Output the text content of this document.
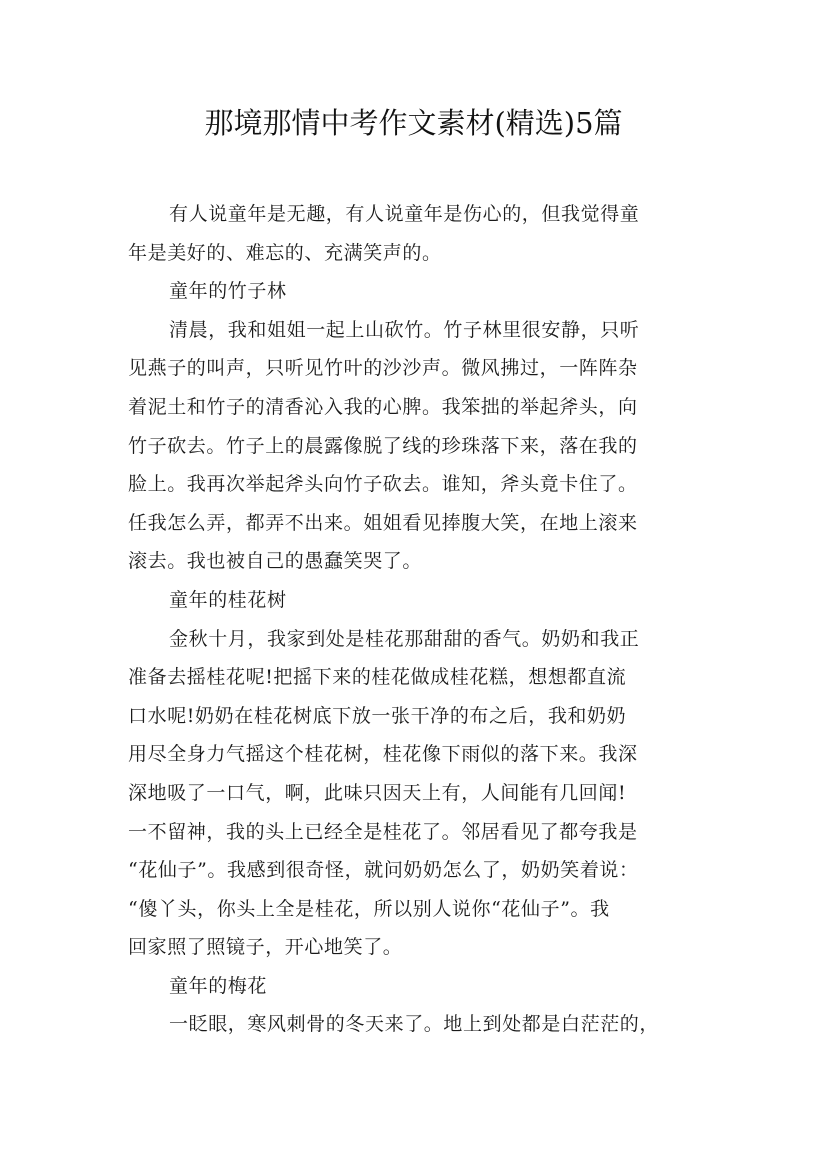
那境那情中考作文素材(精选)5篇
有人说童年是无趣，有人说童年是伤心的，但我觉得童
年是美好的、难忘的、充满笑声的。
童年的竹子林
清晨，我和姐姐一起上山砍竹。竹子林里很安静，只听
见燕子的叫声，只听见竹叶的沙沙声。微风拂过，一阵阵杂
着泥土和竹子的清香沁入我的心脾。我笨拙的举起斧头，向
竹子砍去。竹子上的晨露像脱了线的珍珠落下来，落在我的
脸上。我再次举起斧头向竹子砍去。谁知，斧头竟卡住了。
任我怎么弄，都弄不出来。姐姐看见捧腹大笑，在地上滚来
滚去。我也被自己的愚蠢笑哭了。
童年的桂花树
金秋十月，我家到处是桂花那甜甜的香气。奶奶和我正
准备去摇桂花呢!把摇下来的桂花做成桂花糕，想想都直流
口水呢!奶奶在桂花树底下放一张干净的布之后，我和奶奶
用尽全身力气摇这个桂花树，桂花像下雨似的落下来。我深
深地吸了一口气，啊，此味只因天上有，人间能有几回闻!
一不留神，我的头上已经全是桂花了。邻居看见了都夸我是
“花仙子”。我感到很奇怪，就问奶奶怎么了，奶奶笑着说：
“傻丫头，你头上全是桂花，所以别人说你“花仙子”。我
回家照了照镜子，开心地笑了。
童年的梅花
一眨眼，寒风刺骨的冬天来了。地上到处都是白茫茫的，
